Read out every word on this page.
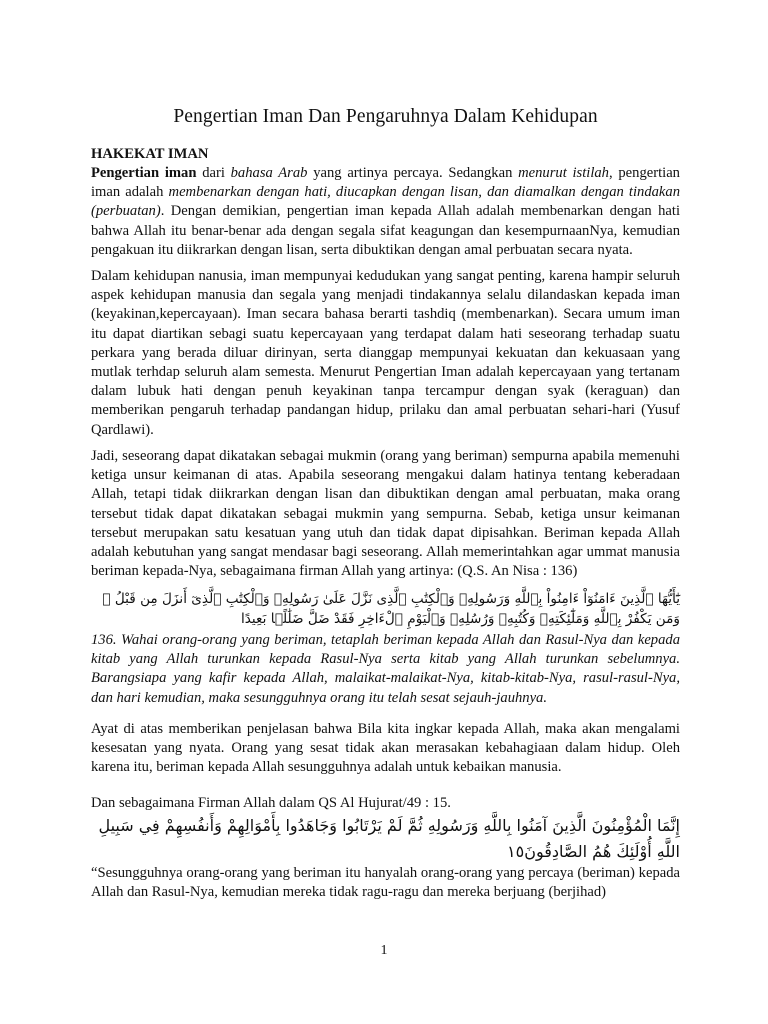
Pengertian Iman Dan Pengaruhnya Dalam Kehidupan
HAKEKAT IMAN

Pengertian iman dari bahasa Arab yang artinya percaya. Sedangkan menurut istilah, pengertian iman adalah membenarkan dengan hati, diucapkan dengan lisan, dan diamalkan dengan tindakan (perbuatan). Dengan demikian, pengertian iman kepada Allah adalah membenarkan dengan hati bahwa Allah itu benar-benar ada dengan segala sifat keagungan dan kesempurnaanNya, kemudian pengakuan itu diikrarkan dengan lisan, serta dibuktikan dengan amal perbuatan secara nyata.

Dalam kehidupan nanusia, iman mempunyai kedudukan yang sangat penting, karena hampir seluruh aspek kehidupan manusia dan segala yang menjadi tindakannya selalu dilandaskan kepada iman (keyakinan,kepercayaan). Iman secara bahasa berarti tashdiq (membenarkan). Secara umum iman itu dapat diartikan sebagi suatu kepercayaan yang terdapat dalam hati seseorang terhadap suatu perkara yang berada diluar dirinyan, serta dianggap mempunyai kekuatan dan kekuasaan yang mutlak terhdap seluruh alam semesta. Menurut Pengertian Iman adalah kepercayaan yang tertanam dalam lubuk hati dengan penuh keyakinan tanpa tercampur dengan syak (keraguan) dan memberikan pengaruh terhadap pandangan hidup, prilaku dan amal perbuatan sehari-hari (Yusuf Qardlawi).

Jadi, seseorang dapat dikatakan sebagai mukmin (orang yang beriman) sempurna apabila memenuhi ketiga unsur keimanan di atas. Apabila seseorang mengakui dalam hatinya tentang keberadaan Allah, tetapi tidak diikrarkan dengan lisan dan dibuktikan dengan amal perbuatan, maka orang tersebut tidak dapat dikatakan sebagai mukmin yang sempurna. Sebab, ketiga unsur keimanan tersebut merupakan satu kesatuan yang utuh dan tidak dapat dipisahkan. Beriman kepada Allah adalah kebutuhan yang sangat mendasar bagi seseorang. Allah memerintahkan agar ummat manusia beriman kepada-Nya, sebagaimana firman Allah yang artinya: (Q.S. An Nisa : 136)

يَٰٓأَيُّهَا ٱلَّذِينَ ءَامَنُوٓاْ ءَامِنُواْ بِٱللَّهِ وَرَسُولِهِۦ وَٱلْكِتَٰبِ ٱلَّذِى نَزَّلَ عَلَىٰ رَسُولِهِۦ وَٱلْكِتَٰبِ ٱلَّذِىٓ أَنزَلَ مِن قَبْلُ ۚ وَمَن يَكْفُرْ بِٱللَّهِ وَمَلَٰٓئِكَتِهِۦ وَكُتُبِهِۦ وَرُسُلِهِۦ وَٱلْيَوْمِ ٱلْءَاخِرِ فَقَدْ ضَلَّ ضَلَٰلًۢا بَعِيدًا

136. Wahai orang-orang yang beriman, tetaplah beriman kepada Allah dan Rasul-Nya dan kepada kitab yang Allah turunkan kepada Rasul-Nya serta kitab yang Allah turunkan sebelumnya. Barangsiapa yang kafir kepada Allah, malaikat-malaikat-Nya, kitab-kitab-Nya, rasul-rasul-Nya, dan hari kemudian, maka sesungguhnya orang itu telah sesat sejauh-jauhnya.

Ayat di atas memberikan penjelasan bahwa Bila kita ingkar kepada Allah, maka akan mengalami kesesatan yang nyata. Orang yang sesat tidak akan merasakan kebahagiaan dalam hidup. Oleh karena itu, beriman kepada Allah sesungguhnya adalah untuk kebaikan manusia.

Dan sebagaimana Firman Allah dalam QS Al Hujurat/49 : 15.

إِنَّمَا الْمُؤْمِنُونَ الَّذِينَ آمَنُوا بِاللَّهِ وَرَسُولِهِ ثُمَّ لَمْ يَرْتَابُوا وَجَاهَدُوا بِأَمْوَالِهِمْ وَأَنفُسِهِمْ فِي سَبِيلِ اللَّهِ أُوْلَئِكَ هُمُ الصَّادِقُونَ١٥

“Sesungguhnya orang-orang yang beriman itu hanyalah orang-orang yang percaya (beriman) kepada Allah dan Rasul-Nya, kemudian mereka tidak ragu-ragu dan mereka berjuang (berjihad)

1
